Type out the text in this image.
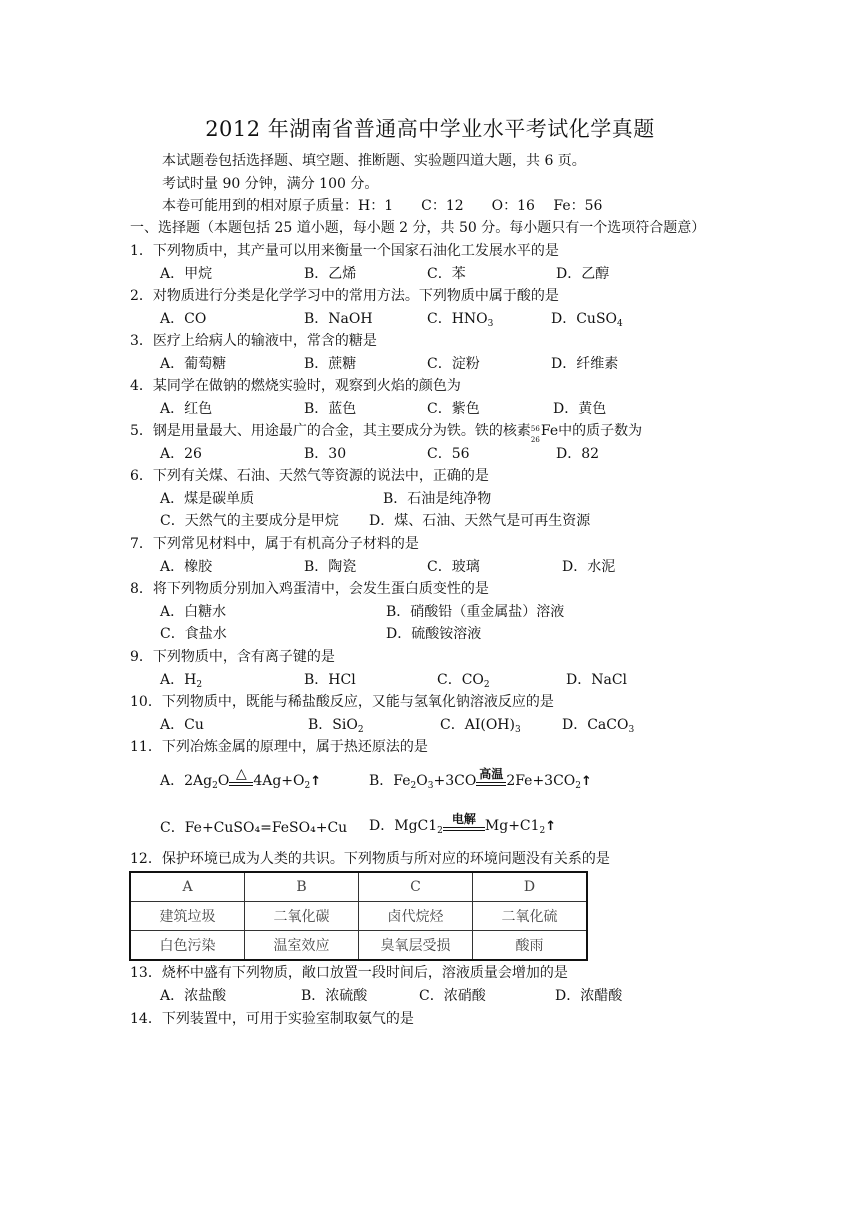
2012 年湖南省普通高中学业水平考试化学真题
本试题卷包括选择题、填空题、推断题、实验题四道大题，共 6 页。
考试时量 90 分钟，满分 100 分。
本卷可能用到的相对原子质量：H：1　　C：12　　O：16　 Fe：56
一、选择题（本题包括 25 道小题，每小题 2 分，共 50 分。每小题只有一个选项符合题意）
1．下列物质中，其产量可以用来衡量一个国家石油化工发展水平的是
A．甲烷	B．乙烯	C．苯	D．乙醇
2．对物质进行分类是化学学习中的常用方法。下列物质中属于酸的是
A．CO	B．NaOH	C．$HNO_3$	D．CuSO$_4$
3．医疗上给病人的输液中，常含的糖是
A．葡萄糖	B．蔗糖	C．淀粉	D．纤维素
4．某同学在做钠的燃烧实验时，观察到火焰的颜色为
A．红色	B．蓝色	C．紫色	D．黄色
5．钢是用量最大、用途最广的合金，其主要成分为铁。铁的核素 56
26
Fe中的质子数为
A．26	B．30	C．56	D．82
6．下列有关煤、石油、天然气等资源的说法中，正确的是
A．煤是碳单质	B．石油是纯净物
C．天然气的主要成分是甲烷 D．煤、石油、天然气是可再生资源
7．下列常见材料中，属于有机高分子材料的是
A．橡胶	B．陶瓷	C．玻璃	D．水泥
8．将下列物质分别加入鸡蛋清中，会发生蛋白质变性的是
A．白糖水	B．硝酸铅（重金属盐）溶液
C．食盐水	D．硫酸铵溶液
9．下列物质中，含有离子键的是
A．$H_2$	B．HCl	C．$CO_2$	D．NaCl
10．下列物质中，既能与稀盐酸反应，又能与氢氧化钠溶液反应的是
A．Cu	B．SiO$_2$	C．$AI(OH)_3$	D．CaCO$_3$
11．下列冶炼金属的原理中，属于热还原法的是
A．$2Ag_2O$ △ $4Ag+O_2↑$	B．$Fe_2O_3+3CO$ 高温 $2Fe+3CO_2↑$
C．Fe+CuSO₄=FeSO₄+Cu D．$MgC1_2$
电解 $Mg+C1_2↑$
12．保护环境已成为人类的共识。下列物质与所对应的环境问题没有关系的是
A	B	C	D
建筑垃圾	二氧化碳	卤代烷烃	二氧化硫
白色污染	温室效应	臭氧层受损	酸雨
13．烧杯中盛有下列物质，敞口放置一段时间后，溶液质量会增加的是
A．浓盐酸	B．浓硫酸	C．浓硝酸	D．浓醋酸
14．下列装置中，可用于实验室制取氨气的是
